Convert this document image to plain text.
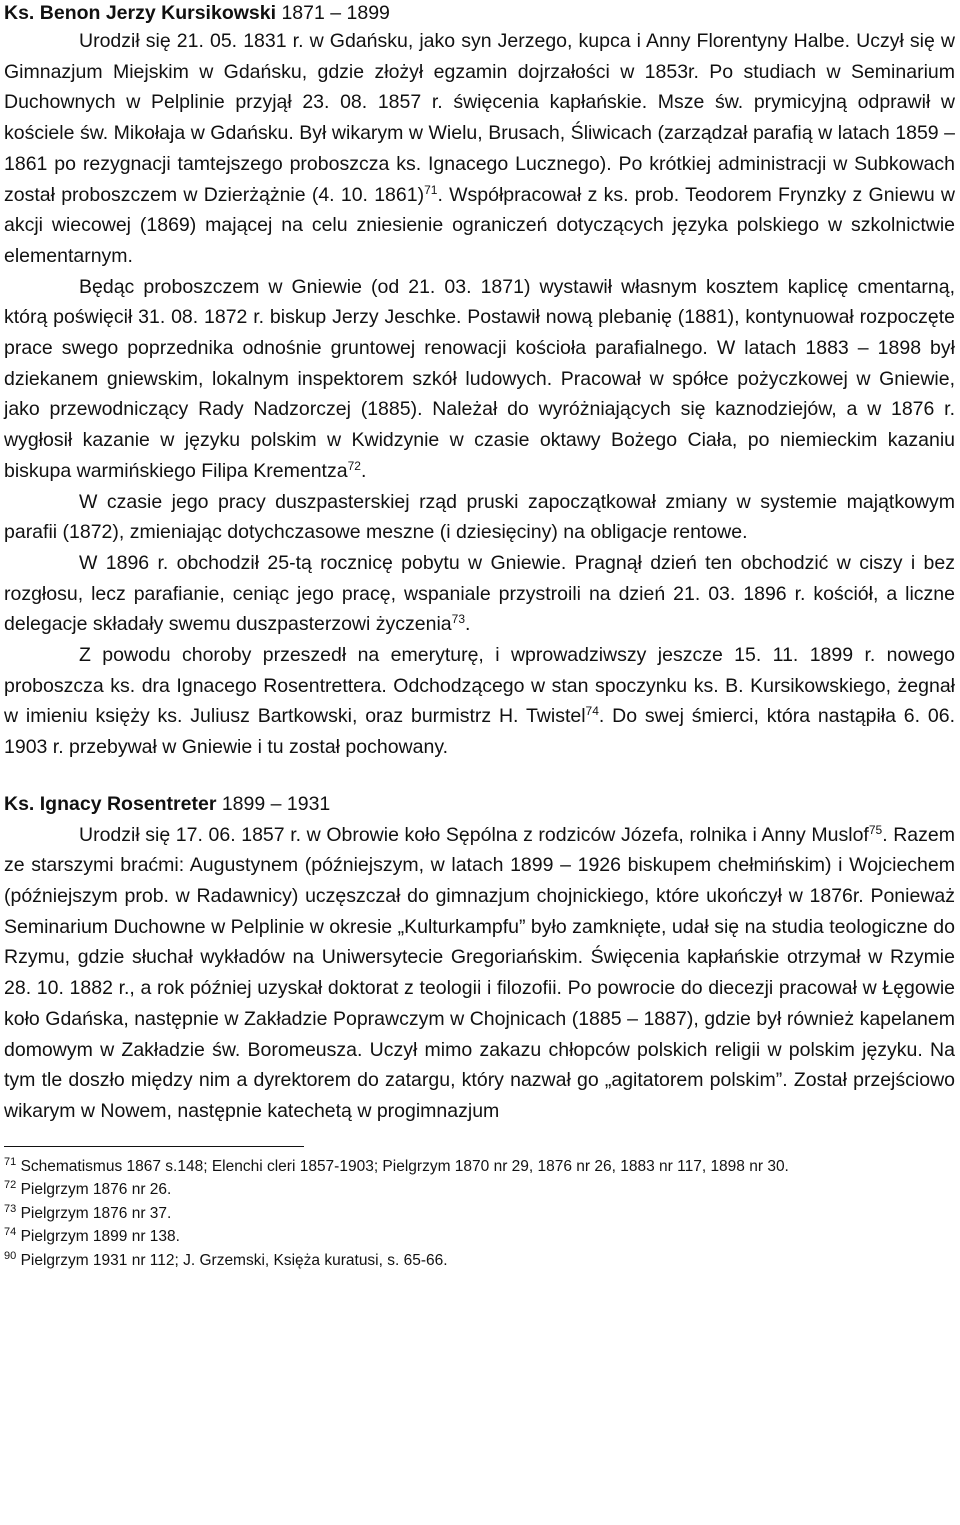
Ks. Benon Jerzy Kursikowski 1871 – 1899

Urodził się 21. 05. 1831 r. w Gdańsku, jako syn Jerzego, kupca i Anny Florentyny Halbe. Uczył się w Gimnazjum Miejskim w Gdańsku, gdzie złożył egzamin dojrzałości w 1853r. Po studiach w Seminarium Duchownych w Pelplinie przyjął 23. 08. 1857 r. święcenia kapłańskie. Msze św. prymicyjną odprawił w kościele św. Mikołaja w Gdańsku. Był wikarym w Wielu, Brusach, Śliwicach (zarządzał parafią w latach 1859 – 1861 po rezygnacji tamtejszego proboszcza ks. Ignacego Lucznego). Po krótkiej administracji w Subkowach został proboszczem w Dzierżążnie (4. 10. 1861)$^{71}$. Współpracował z ks. prob. Teodorem Frynzky z Gniewu w akcji wiecowej (1869) mającej na celu zniesienie ograniczeń dotyczących języka polskiego w szkolnictwie elementarnym.

Będąc proboszczem w Gniewie (od 21. 03. 1871) wystawił własnym kosztem kaplicę cmentarną, którą poświęcił 31. 08. 1872 r. biskup Jerzy Jeschke. Postawił nową plebanię (1881), kontynuował rozpoczęte prace swego poprzednika odnośnie gruntowej renowacji kościoła parafialnego. W latach 1883 – 1898 był dziekanem gniewskim, lokalnym inspektorem szkół ludowych. Pracował w spółce pożyczkowej w Gniewie, jako przewodniczący Rady Nadzorczej (1885). Należał do wyróżniających się kaznodziejów, a w 1876 r. wygłosił kazanie w języku polskim w Kwidzynie w czasie oktawy Bożego Ciała, po niemieckim kazaniu biskupa warmińskiego Filipa Krementza$^{72}$.

W czasie jego pracy duszpasterskiej rząd pruski zapoczątkował zmiany w systemie majątkowym parafii (1872), zmieniając dotychczasowe meszne (i dziesięciny) na obligacje rentowe.

W 1896 r. obchodził 25-tą rocznicę pobytu w Gniewie. Pragnął dzień ten obchodzić w ciszy i bez rozgłosu, lecz parafianie, ceniąc jego pracę, wspaniale przystroili na dzień 21. 03. 1896 r. kościół, a liczne delegacje składały swemu duszpasterzowi życzenia$^{73}$.

Z powodu choroby przeszedł na emeryturę, i wprowadziwszy jeszcze 15. 11. 1899 r. nowego proboszcza ks. dra Ignacego Rosentrettera. Odchodzącego w stan spoczynku ks. B. Kursikowskiego, żegnał w imieniu księży ks. Juliusz Bartkowski, oraz burmistrz H. Twistel$^{74}$. Do swej śmierci, która nastąpiła 6. 06. 1903 r. przebywał w Gniewie i tu został pochowany.

Ks. Ignacy Rosentreter 1899 – 1931

Urodził się 17. 06. 1857 r. w Obrowie koło Sępólna z rodziców Józefa, rolnika i Anny Muslof$^{75}$. Razem ze starszymi braćmi: Augustynem (późniejszym, w latach 1899 – 1926 biskupem chełmińskim) i Wojciechem (późniejszym prob. w Radawnicy) uczęszczał do gimnazjum chojnickiego, które ukończył w 1876r. Ponieważ Seminarium Duchowne w Pelplinie w okresie „Kulturkampfu” było zamknięte, udał się na studia teologiczne do Rzymu, gdzie słuchał wykładów na Uniwersytecie Gregoriańskim. Święcenia kapłańskie otrzymał w Rzymie 28. 10. 1882 r., a rok później uzyskał doktorat z teologii i filozofii. Po powrocie do diecezji pracował w Łęgowie koło Gdańska, następnie w Zakładzie Poprawczym w Chojnicach (1885 – 1887), gdzie był również kapelanem domowym w Zakładzie św. Boromeusza. Uczył mimo zakazu chłopców polskich religii w polskim języku. Na tym tle doszło między nim a dyrektorem do zatargu, który nazwał go „agitatorem polskim”. Został przejściowo wikarym w Nowem, następnie katechetą w progimnazjum

$^{71}$ Schematismus 1867 s.148; Elenchi cleri 1857-1903; Pielgrzym 1870 nr 29, 1876 nr 26, 1883 nr 117, 1898 nr 30.

$^{72}$ Pielgrzym 1876 nr 26.

$^{73}$ Pielgrzym 1876 nr 37.

$^{74}$ Pielgrzym 1899 nr 138.

$^{90}$ Pielgrzym 1931 nr 112; J. Grzemski, Księża kuratusi, s. 65-66.
